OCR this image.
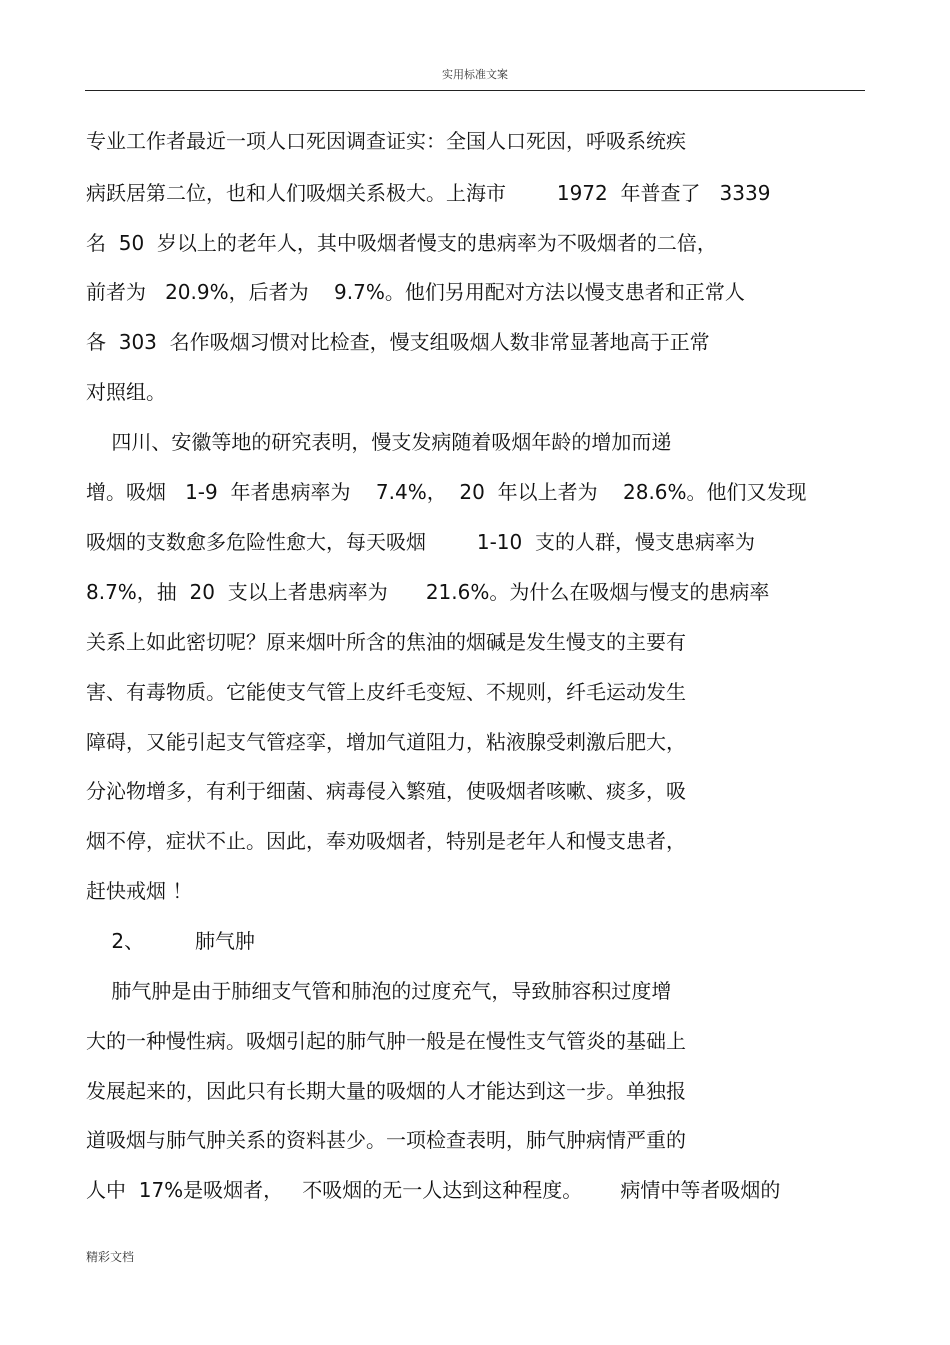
实用标准文案
专业工作者最近一项人口死因调查证实：全国人口死因，呼吸系统疾
病跃居第二位，也和人们吸烟关系极大。上海市        1972  年普查了   3339
名  50  岁以上的老年人，其中吸烟者慢支的患病率为不吸烟者的二倍，
前者为   20.9%，后者为    9.7%。他们另用配对方法以慢支患者和正常人
各  303  名作吸烟习惯对比检查，慢支组吸烟人数非常显著地高于正常
对照组。
四川、安徽等地的研究表明，慢支发病随着吸烟年龄的增加而递
增。吸烟   1-9  年者患病率为    7.4%，  20  年以上者为    28.6%。他们又发现
吸烟的支数愈多危险性愈大，每天吸烟        1-10  支的人群，慢支患病率为
8.7%，抽  20  支以上者患病率为      21.6%。为什么在吸烟与慢支的患病率
关系上如此密切呢？原来烟叶所含的焦油的烟碱是发生慢支的主要有
害、有毒物质。它能使支气管上皮纤毛变短、不规则，纤毛运动发生
障碍，又能引起支气管痉挛，增加气道阻力，粘液腺受刺激后肥大，
分沁物增多，有利于细菌、病毒侵入繁殖，使吸烟者咳嗽、痰多，吸
烟不停，症状不止。因此，奉劝吸烟者，特别是老年人和慢支患者，
赶快戒烟 ！
2、        肺气肿
肺气肿是由于肺细支气管和肺泡的过度充气，导致肺容积过度增
大的一种慢性病。吸烟引起的肺气肿一般是在慢性支气管炎的基础上
发展起来的，因此只有长期大量的吸烟的人才能达到这一步。单独报
道吸烟与肺气肿关系的资料甚少。一项检查表明，肺气肿病情严重的
人中  17%是吸烟者，   不吸烟的无一人达到这种程度。      病情中等者吸烟的
精彩文档
